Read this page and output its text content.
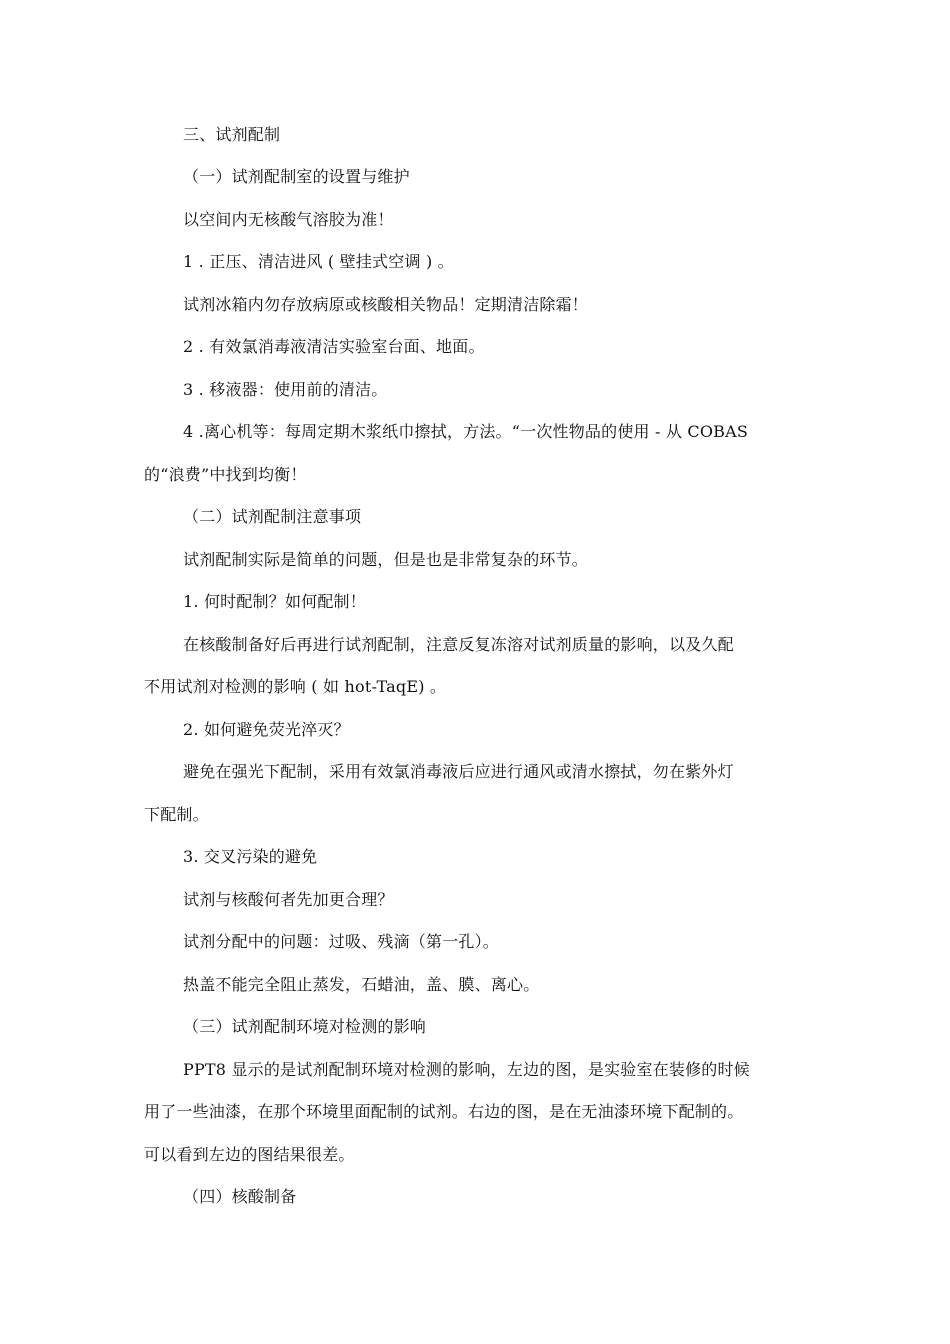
三、试剂配制
（一）试剂配制室的设置与维护
以空间内无核酸气溶胶为准！
1 . 正压、清洁进风 ( 壁挂式空调 ) 。
试剂冰箱内勿存放病原或核酸相关物品！定期清洁除霜！
2 . 有效氯消毒液清洁实验室台面、地面。
3 . 移液器：使用前的清洁。
4 .离心机等：每周定期木浆纸巾擦拭，方法。“一次性物品的使用 - 从 COBAS
的“浪费”中找到均衡！
（二）试剂配制注意事项
试剂配制实际是简单的问题，但是也是非常复杂的环节。
1. 何时配制？如何配制！
在核酸制备好后再进行试剂配制，注意反复冻溶对试剂质量的影响，以及久配
不用试剂对检测的影响 ( 如 hot-TaqE) 。
2. 如何避免荧光淬灭？
避免在强光下配制，采用有效氯消毒液后应进行通风或清水擦拭，勿在紫外灯
下配制。
3. 交叉污染的避免
试剂与核酸何者先加更合理？
试剂分配中的问题：过吸、残滴（第一孔）。
热盖不能完全阻止蒸发，石蜡油，盖、膜、离心。
（三）试剂配制环境对检测的影响
PPT8 显示的是试剂配制环境对检测的影响，左边的图，是实验室在装修的时候
用了一些油漆，在那个环境里面配制的试剂。右边的图，是在无油漆环境下配制的。
可以看到左边的图结果很差。
（四）核酸制备
